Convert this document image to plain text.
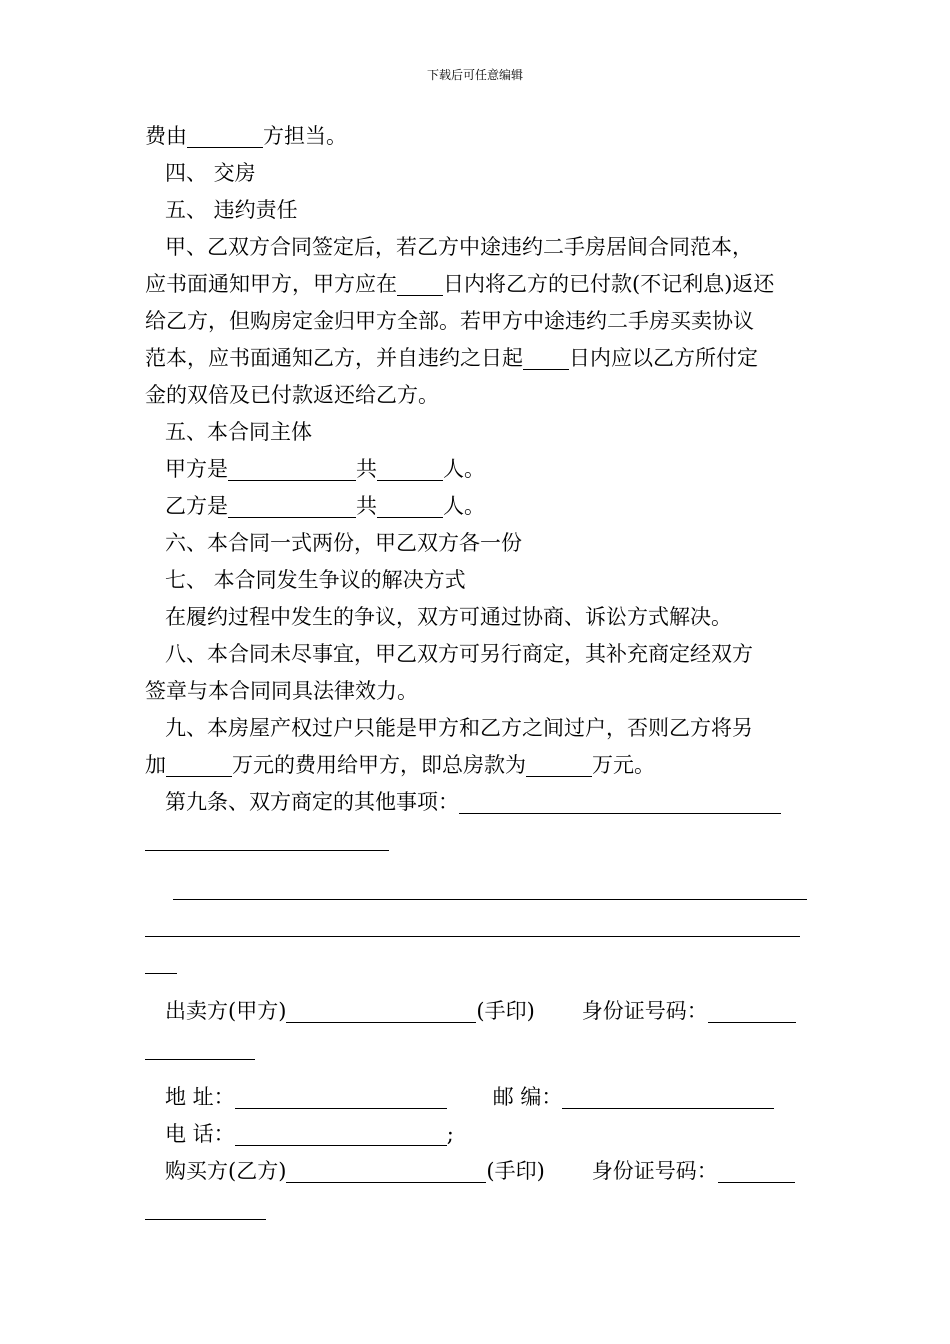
下载后可任意编辑

费由	方担当。

四、 交房

五、 违约责任

甲、乙双方合同签定后，若乙方中途违约二手房居间合同范本，

应书面通知甲方，甲方应在 日内将乙方的已付款(不记利息)返还

给乙方，但购房定金归甲方全部。若甲方中途违约二手房买卖协议

范本，应书面通知乙方，并自违约之日起 日内应以乙方所付定

金的双倍及已付款返还给乙方。

五、本合同主体

甲方是	共	人。

乙方是	共	人。

六、本合同一式两份，甲乙双方各一份

七、 本合同发生争议的解决方式

在履约过程中发生的争议，双方可通过协商、诉讼方式解决。

八、本合同未尽事宜，甲乙双方可另行商定，其补充商定经双方

签章与本合同同具法律效力。

九、本房屋产权过户只能是甲方和乙方之间过户，否则乙方将另

加	万元的费用给甲方，即总房款为	万元。

第九条、双方商定的其他事项：

出卖方(甲方)	(手印) 身份证号码：

地 址：	邮 编：

电 话：	;

购买方(乙方)	(手印) 身份证号码：
